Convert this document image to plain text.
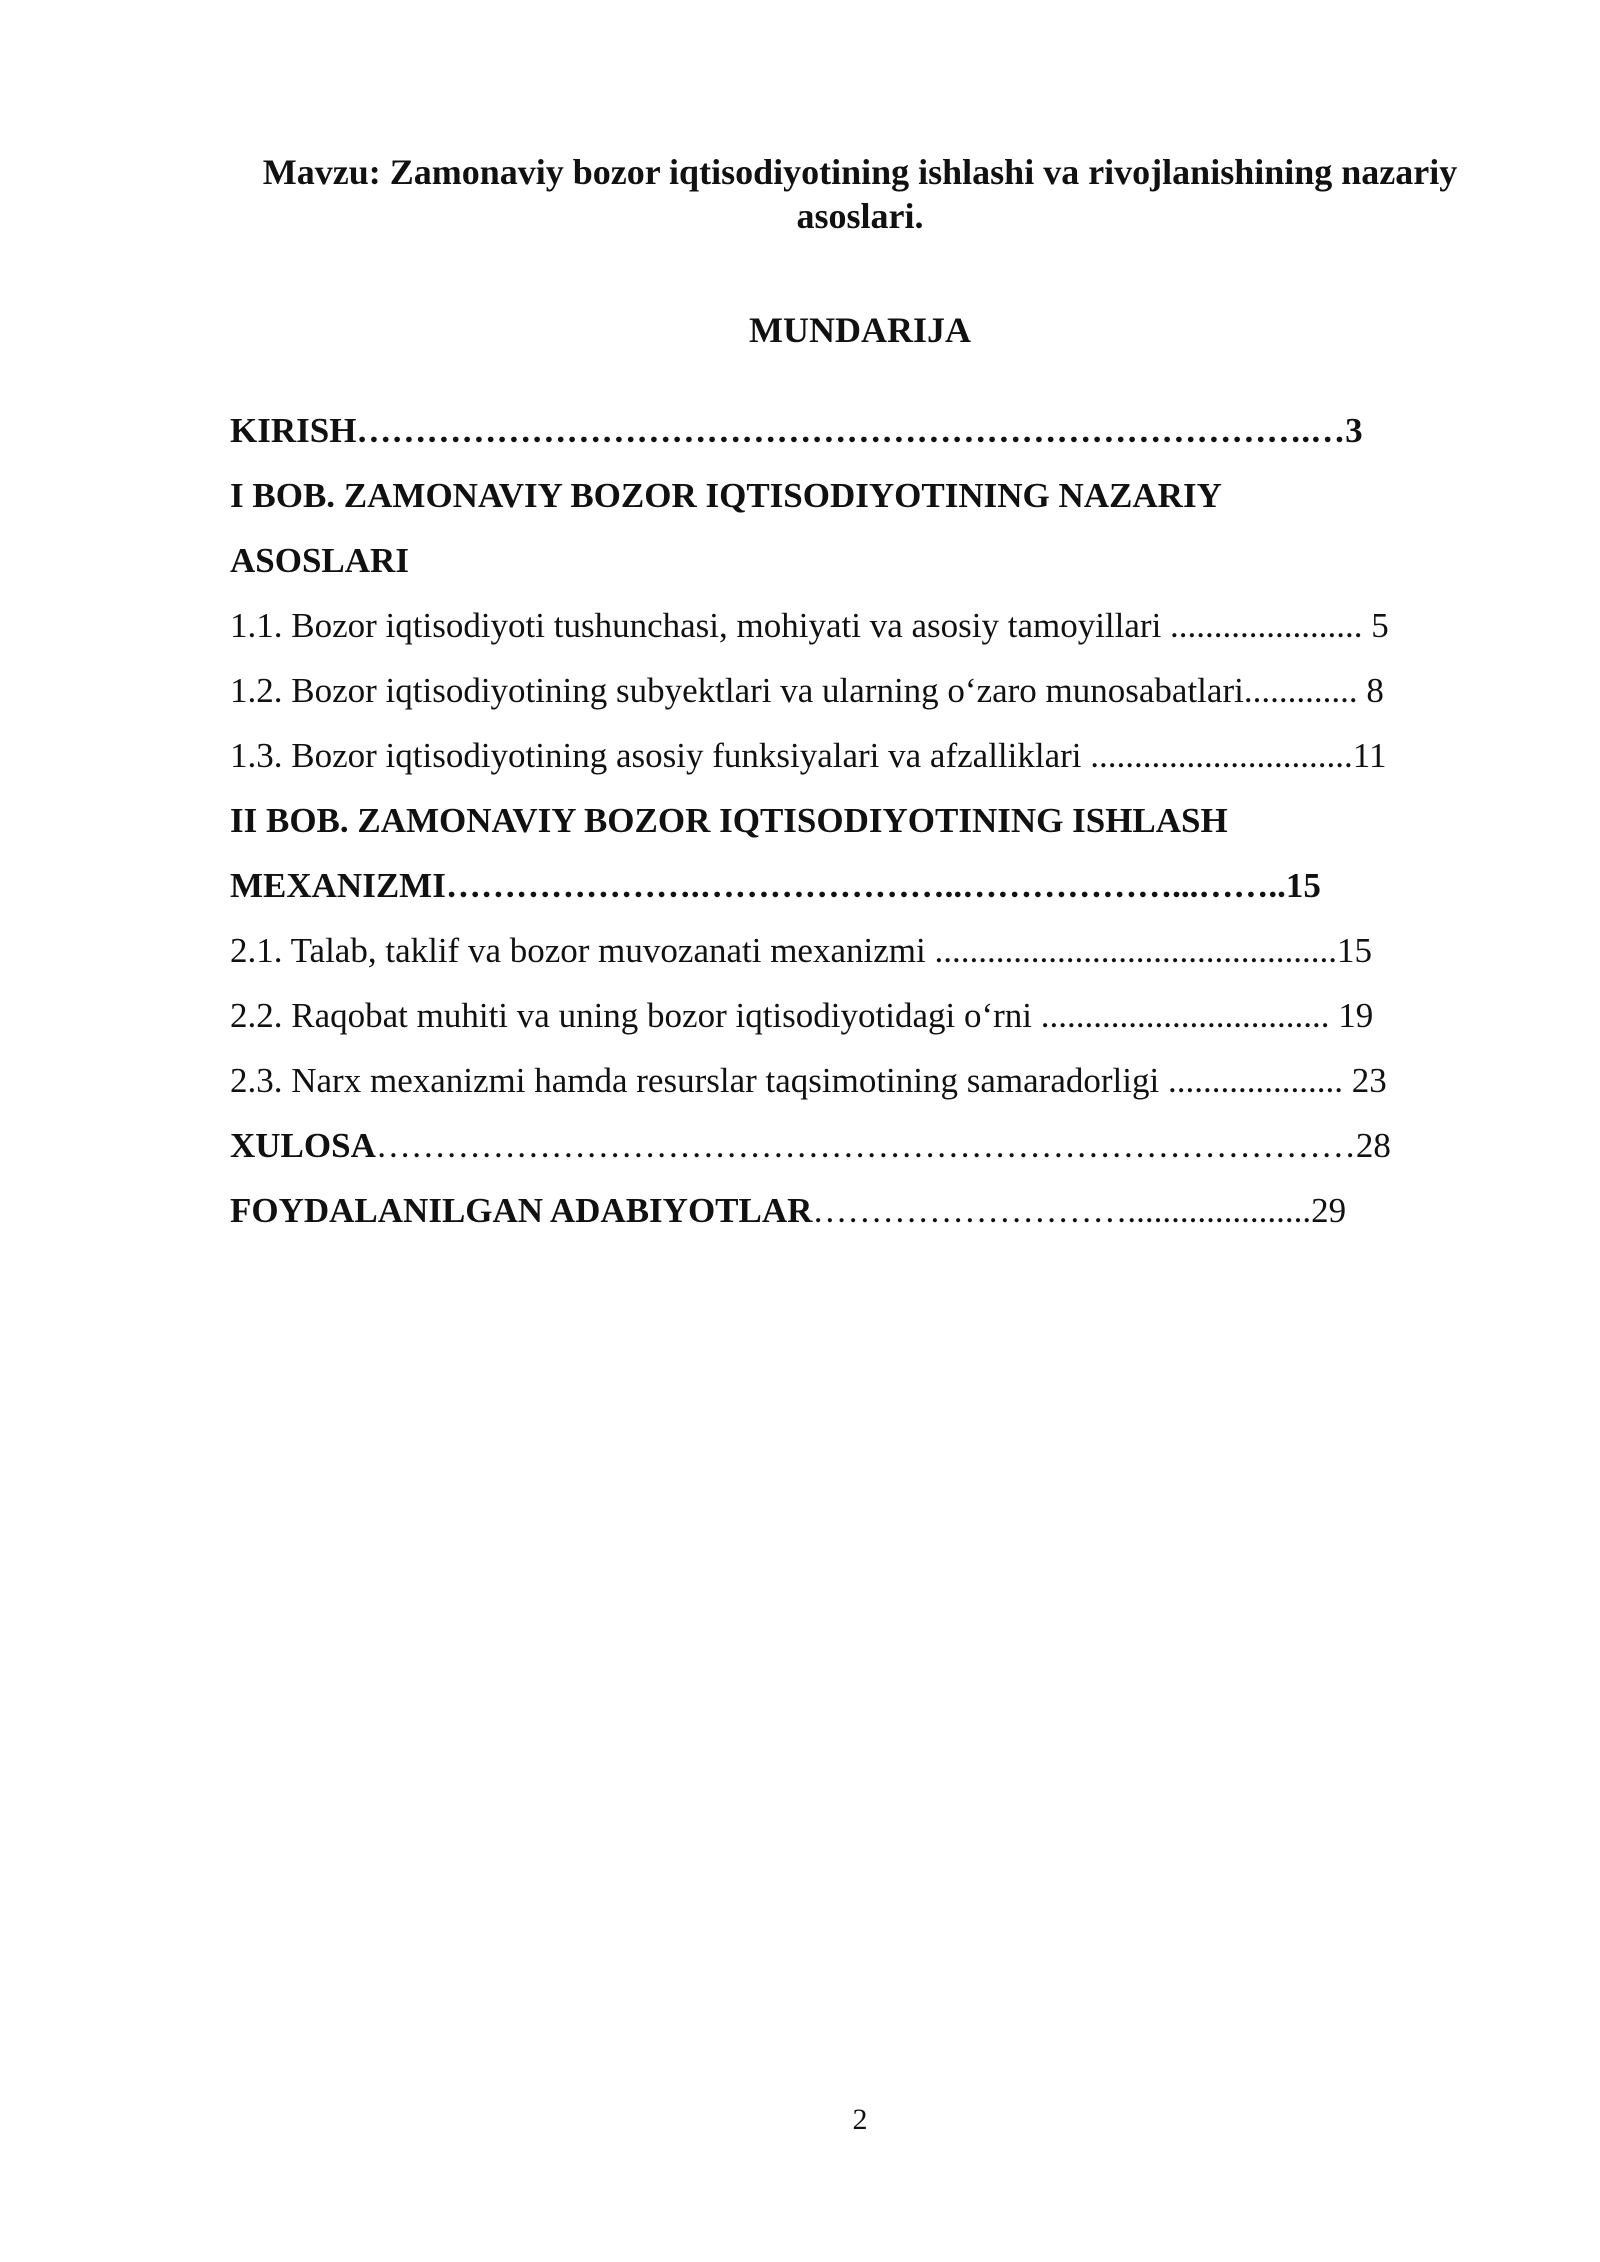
Mavzu: Zamonaviy bozor iqtisodiyotining ishlashi va rivojlanishining nazariy asoslari.
MUNDARIJA
KIRISH……………………………………………………………………….…3
I BOB. ZAMONAVIY BOZOR IQTISODIYOTINING NAZARIY
ASOSLARI
1.1. Bozor iqtisodiyoti tushunchasi, mohiyati va asosiy tamoyillari ...................... 5
1.2. Bozor iqtisodiyotining subyektlari va ularning o‘zaro munosabatlari............. 8
1.3. Bozor iqtisodiyotining asosiy funksiyalari va afzalliklari ..............................11
II BOB. ZAMONAVIY BOZOR IQTISODIYOTINING ISHLASH
MEXANIZMI………………….…………………..………………...……..15
2.1. Talab, taklif va bozor muvozanati mexanizmi ..............................................15
2.2. Raqobat muhiti va uning bozor iqtisodiyotidagi o‘rni ................................. 19
2.3. Narx mexanizmi hamda resurslar taqsimotining samaradorligi .................... 23
XULOSA…………………………………………………………………………28
FOYDALANILGAN ADABIYOTLAR……………………….....................29
2
